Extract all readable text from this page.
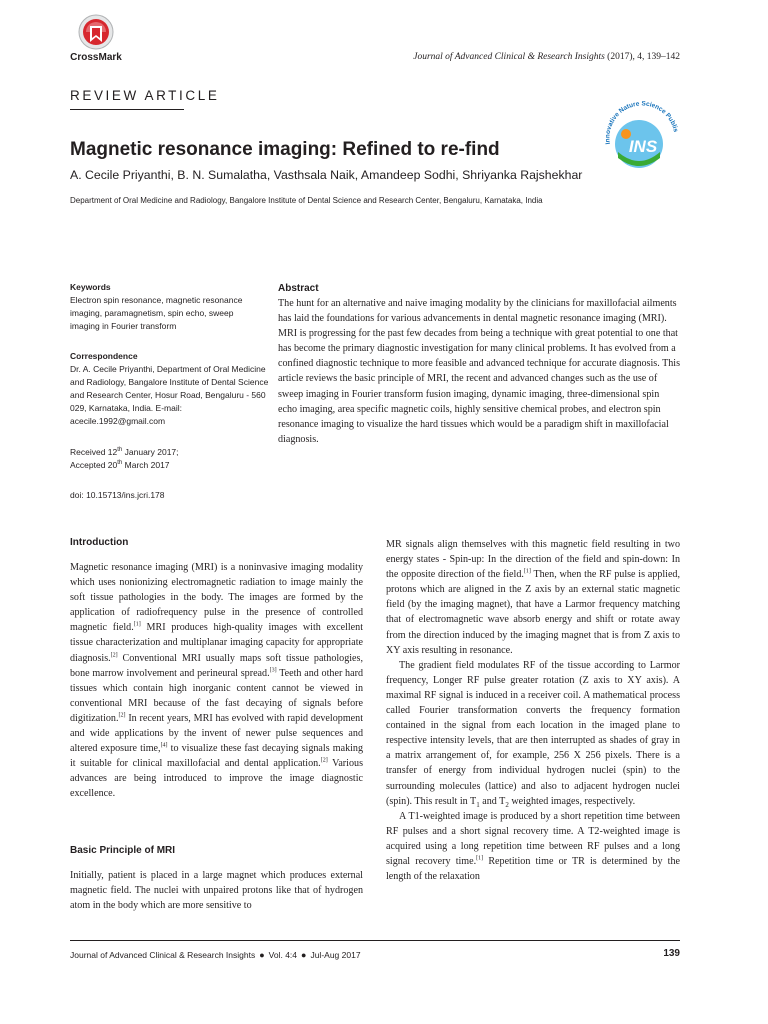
CrossMark	Journal of Advanced Clinical & Research Insights (2017), 4, 139–142
REVIEW ARTICLE
Innovative Nature Science Publis
INS
Magnetic resonance imaging: Refined to re-find
A. Cecile Priyanthi, B. N. Sumalatha, Vasthsala Naik, Amandeep Sodhi, Shriyanka Rajshekhar
Department of Oral Medicine and Radiology, Bangalore Institute of Dental Science and Research Center, Bengaluru, Karnataka, India
Keywords
Electron spin resonance, magnetic resonance imaging, paramagnetism, spin echo, sweep imaging in Fourier transform
Correspondence
Dr. A. Cecile Priyanthi, Department of Oral Medicine and Radiology, Bangalore Institute of Dental Science and Research Center, Hosur Road, Bengaluru - 560 029, Karnataka, India. E-mail: acecile.1992@gmail.com
Received 12th January 2017;
Accepted 20th March 2017
doi: 10.15713/ins.jcri.178
Abstract
The hunt for an alternative and naive imaging modality by the clinicians for maxillofacial ailments has laid the foundations for various advancements in dental magnetic resonance imaging (MRI). MRI is progressing for the past few decades from being a technique with great potential to one that has become the primary diagnostic investigation for many clinical problems. It has evolved from a confined diagnostic technique to more feasible and advanced technique for accurate diagnosis. This article reviews the basic principle of MRI, the recent and advanced changes such as the use of sweep imaging in Fourier transform fusion imaging, dynamic imaging, three-dimensional spin echo imaging, area specific magnetic coils, highly sensitive chemical probes, and electron spin resonance imaging to visualize the hard tissues which would be a paradigm shift in maxillofacial diagnosis.
Introduction
Magnetic resonance imaging (MRI) is a noninvasive imaging modality which uses nonionizing electromagnetic radiation to image mainly the soft tissue pathologies in the body. The images are formed by the application of radiofrequency pulse in the presence of controlled magnetic field.[1] MRI produces high-quality images with excellent tissue characterization and multiplanar imaging capacity for appropriate diagnosis.[2] Conventional MRI usually maps soft tissue pathologies, bone marrow involvement and perineural spread.[3] Teeth and other hard tissues which contain high inorganic content cannot be viewed in conventional MRI because of the fast decaying of signals before digitization.[2] In recent years, MRI has evolved with rapid development and wide applications by the invent of newer pulse sequences and altered exposure time,[4] to visualize these fast decaying signals making it suitable for clinical maxillofacial and dental application.[2] Various advances are being introduced to improve the image diagnostic excellence.
Basic Principle of MRI
Initially, patient is placed in a large magnet which produces external magnetic field. The nuclei with unpaired protons like that of hydrogen atom in the body which are more sensitive to

MR signals align themselves with this magnetic field resulting in two energy states - Spin-up: In the direction of the field and spin-down: In the opposite direction of the field.[1] Then, when the RF pulse is applied, protons which are aligned in the Z axis by an external static magnetic field (by the imaging magnet), that have a Larmor frequency matching that of electromagnetic wave absorb energy and shift or rotate away from the direction induced by the imaging magnet that is from Z axis to XY axis resulting in resonance.

The gradient field modulates RF of the tissue according to Larmor frequency, Longer RF pulse greater rotation (Z axis to XY axis). A maximal RF signal is induced in a receiver coil. A mathematical process called Fourier transformation converts the frequency formation contained in the signal from each location in the imaged plane to respective intensity levels, that are then interrupted as shades of gray in a matrix arrangement of, for example, 256 X 256 pixels. There is a transfer of energy from individual hydrogen nuclei (spin) to the surrounding molecules (lattice) and also to adjacent hydrogen nuclei (spin). This result in $T_1$ and $T_2$ weighted images, respectively.

A T1-weighted image is produced by a short repetition time between RF pulses and a short signal recovery time. A T2-weighted image is acquired using a long repetition time between RF pulses and a long signal recovery time.[1] Repetition time or TR is determined by the length of the relaxation

Journal of Advanced Clinical & Research Insights ● Vol. 4:4 ● Jul-Aug 2017	139
